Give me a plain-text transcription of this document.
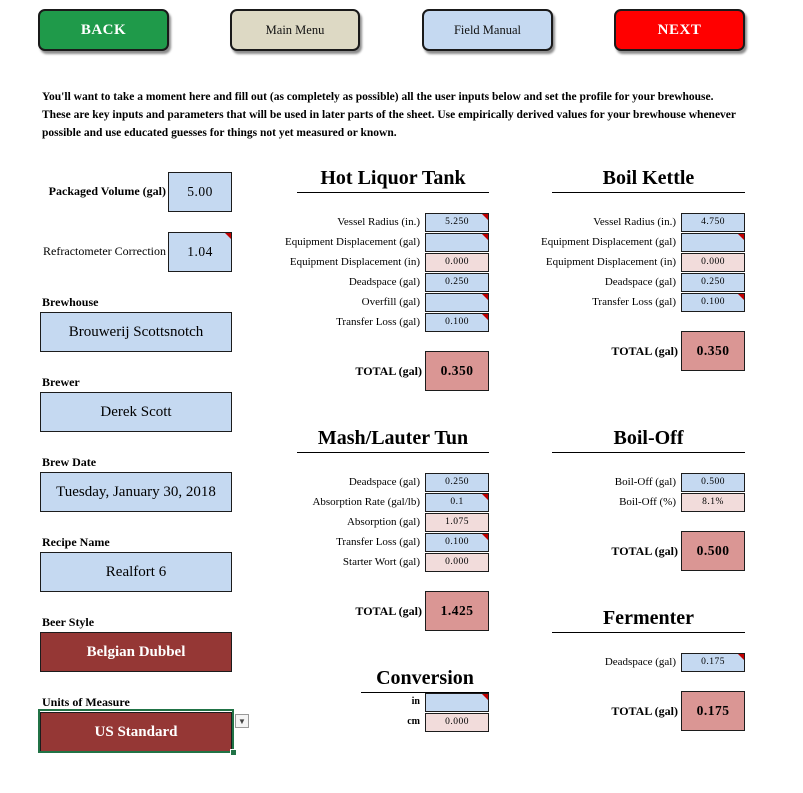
BACK	Main Menu	Field Manual	NEXT
You'll want to take a moment here and fill out (as completely as possible) all the user inputs below and set the profile for your brewhouse. These are key inputs and parameters that will be used in later parts of the sheet. Use empirically derived values for your brewhouse whenever possible and use educated guesses for things not yet measured or known.
Packaged Volume (gal)	5.00
Refractometer Correction	1.04
Brewhouse
Brouwerij Scottsnotch
Brewer
Derek Scott
Brew Date
Tuesday, January 30, 2018
Recipe Name
Realfort 6
Beer Style
Belgian Dubbel
Units of Measure
US Standard
▼
Hot Liquor Tank
Vessel Radius (in.)	5.250
Equipment Displacement (gal)
Equipment Displacement (in)	0.000
Deadspace (gal)	0.250
Overfill (gal)
Transfer Loss (gal)	0.100
TOTAL (gal)	0.350
Boil Kettle
Vessel Radius (in.)	4.750
Equipment Displacement (gal)
Equipment Displacement (in)	0.000
Deadspace (gal)	0.250
Transfer Loss (gal)	0.100
TOTAL (gal)	0.350
Mash/Lauter Tun
Deadspace (gal)	0.250
Absorption Rate (gal/lb)	0.1
Absorption (gal)	1.075
Transfer Loss (gal)	0.100
Starter Wort (gal)	0.000
TOTAL (gal)	1.425
Boil-Off
Boil-Off (gal)	0.500
Boil-Off (%)	8.1%
TOTAL (gal)	0.500
Fermenter
Deadspace (gal)	0.175
TOTAL (gal)	0.175
Conversion
in
cm	0.000
